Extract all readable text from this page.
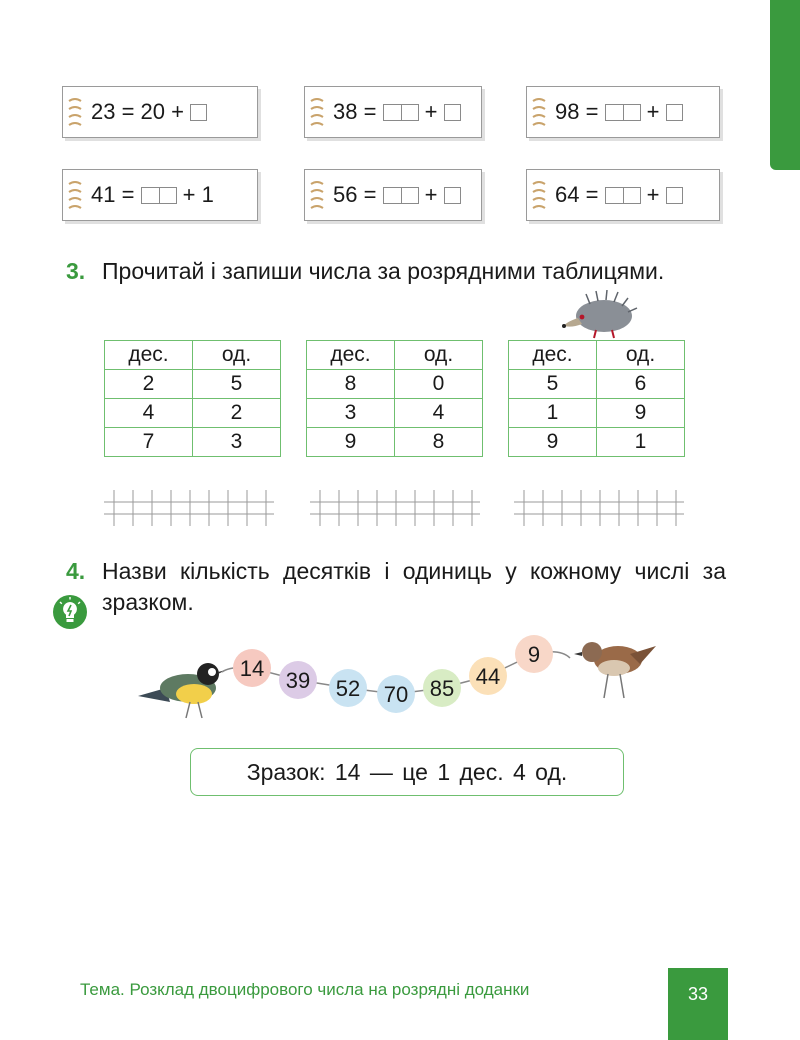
23 = 20 +	38 = +	98 = +
41 = + 1	56 = +	64 = +
3. Прочитай і запиши числа за розрядними таблицями.
дес.	од.
2	5
4	2
7	3
дес.	од.
8	0
3	4
9	8
дес.	од.
5	6
1	9
9	1
4. Назви кількість десятків і одиниць у кожному числі за зразком.
14 39 52 70 85 44
9
Зразок: 14 — це 1 дес. 4 од.
Тема. Розклад двоцифрового числа на розрядні доданки	33
